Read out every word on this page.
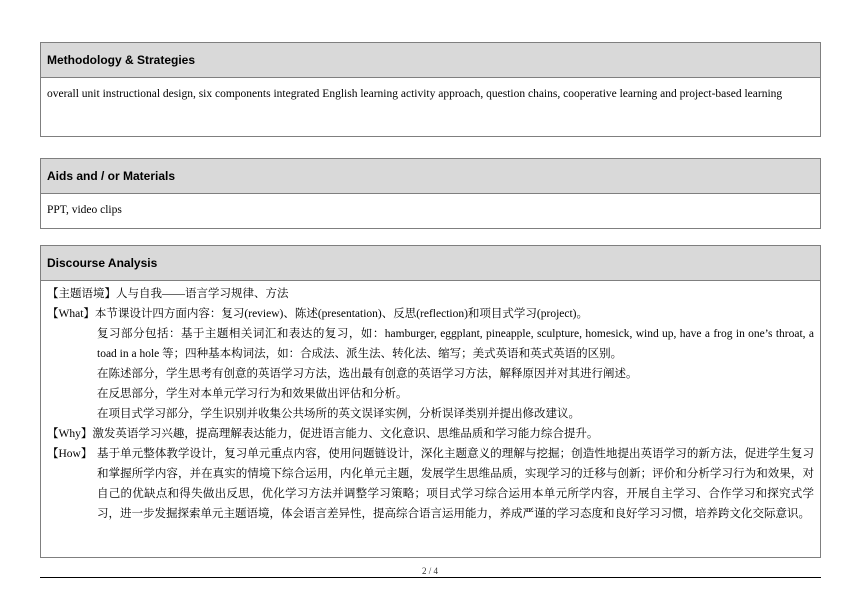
Methodology & Strategies
overall unit instructional design, six components integrated English learning activity approach, question chains, cooperative learning and project-based learning
Aids and / or Materials
PPT, video clips
Discourse Analysis
【主题语境】人与自我——语言学习规律、方法
【What】本节课设计四方面内容：复习(review)、陈述(presentation)、反思(reflection)和项目式学习(project)。
复习部分包括：基于主题相关词汇和表达的复习，如：hamburger, eggplant, pineapple, sculpture, homesick, wind up, have a frog in one’s throat, a toad in a hole 等；四种基本构词法，如：合成法、派生法、转化法、缩写；美式英语和英式英语的区别。
在陈述部分，学生思考有创意的英语学习方法，选出最有创意的英语学习方法，解释原因并对其进行阐述。
在反思部分，学生对本单元学习行为和效果做出评估和分析。
在项目式学习部分，学生识别并收集公共场所的英文误译实例，分析误译类别并提出修改建议。
【Why】激发英语学习兴趣，提高理解表达能力，促进语言能力、文化意识、思维品质和学习能力综合提升。
【How】 基于单元整体教学设计，复习单元重点内容，使用问题链设计，深化主题意义的理解与挖掘；创造性地提出英语学习的新方法，促进学生复习和掌握所学内容，并在真实的情境下综合运用，内化单元主题，发展学生思维品质，实现学习的迁移与创新；评价和分析学习行为和效果，对自己的优缺点和得失做出反思，优化学习方法并调整学习策略；项目式学习综合运用本单元所学内容，开展自主学习、合作学习和探究式学习，进一步发掘探索单元主题语境，体会语言差异性，提高综合语言运用能力，养成严谨的学习态度和良好学习习惯，培养跨文化交际意识。
2 / 4
